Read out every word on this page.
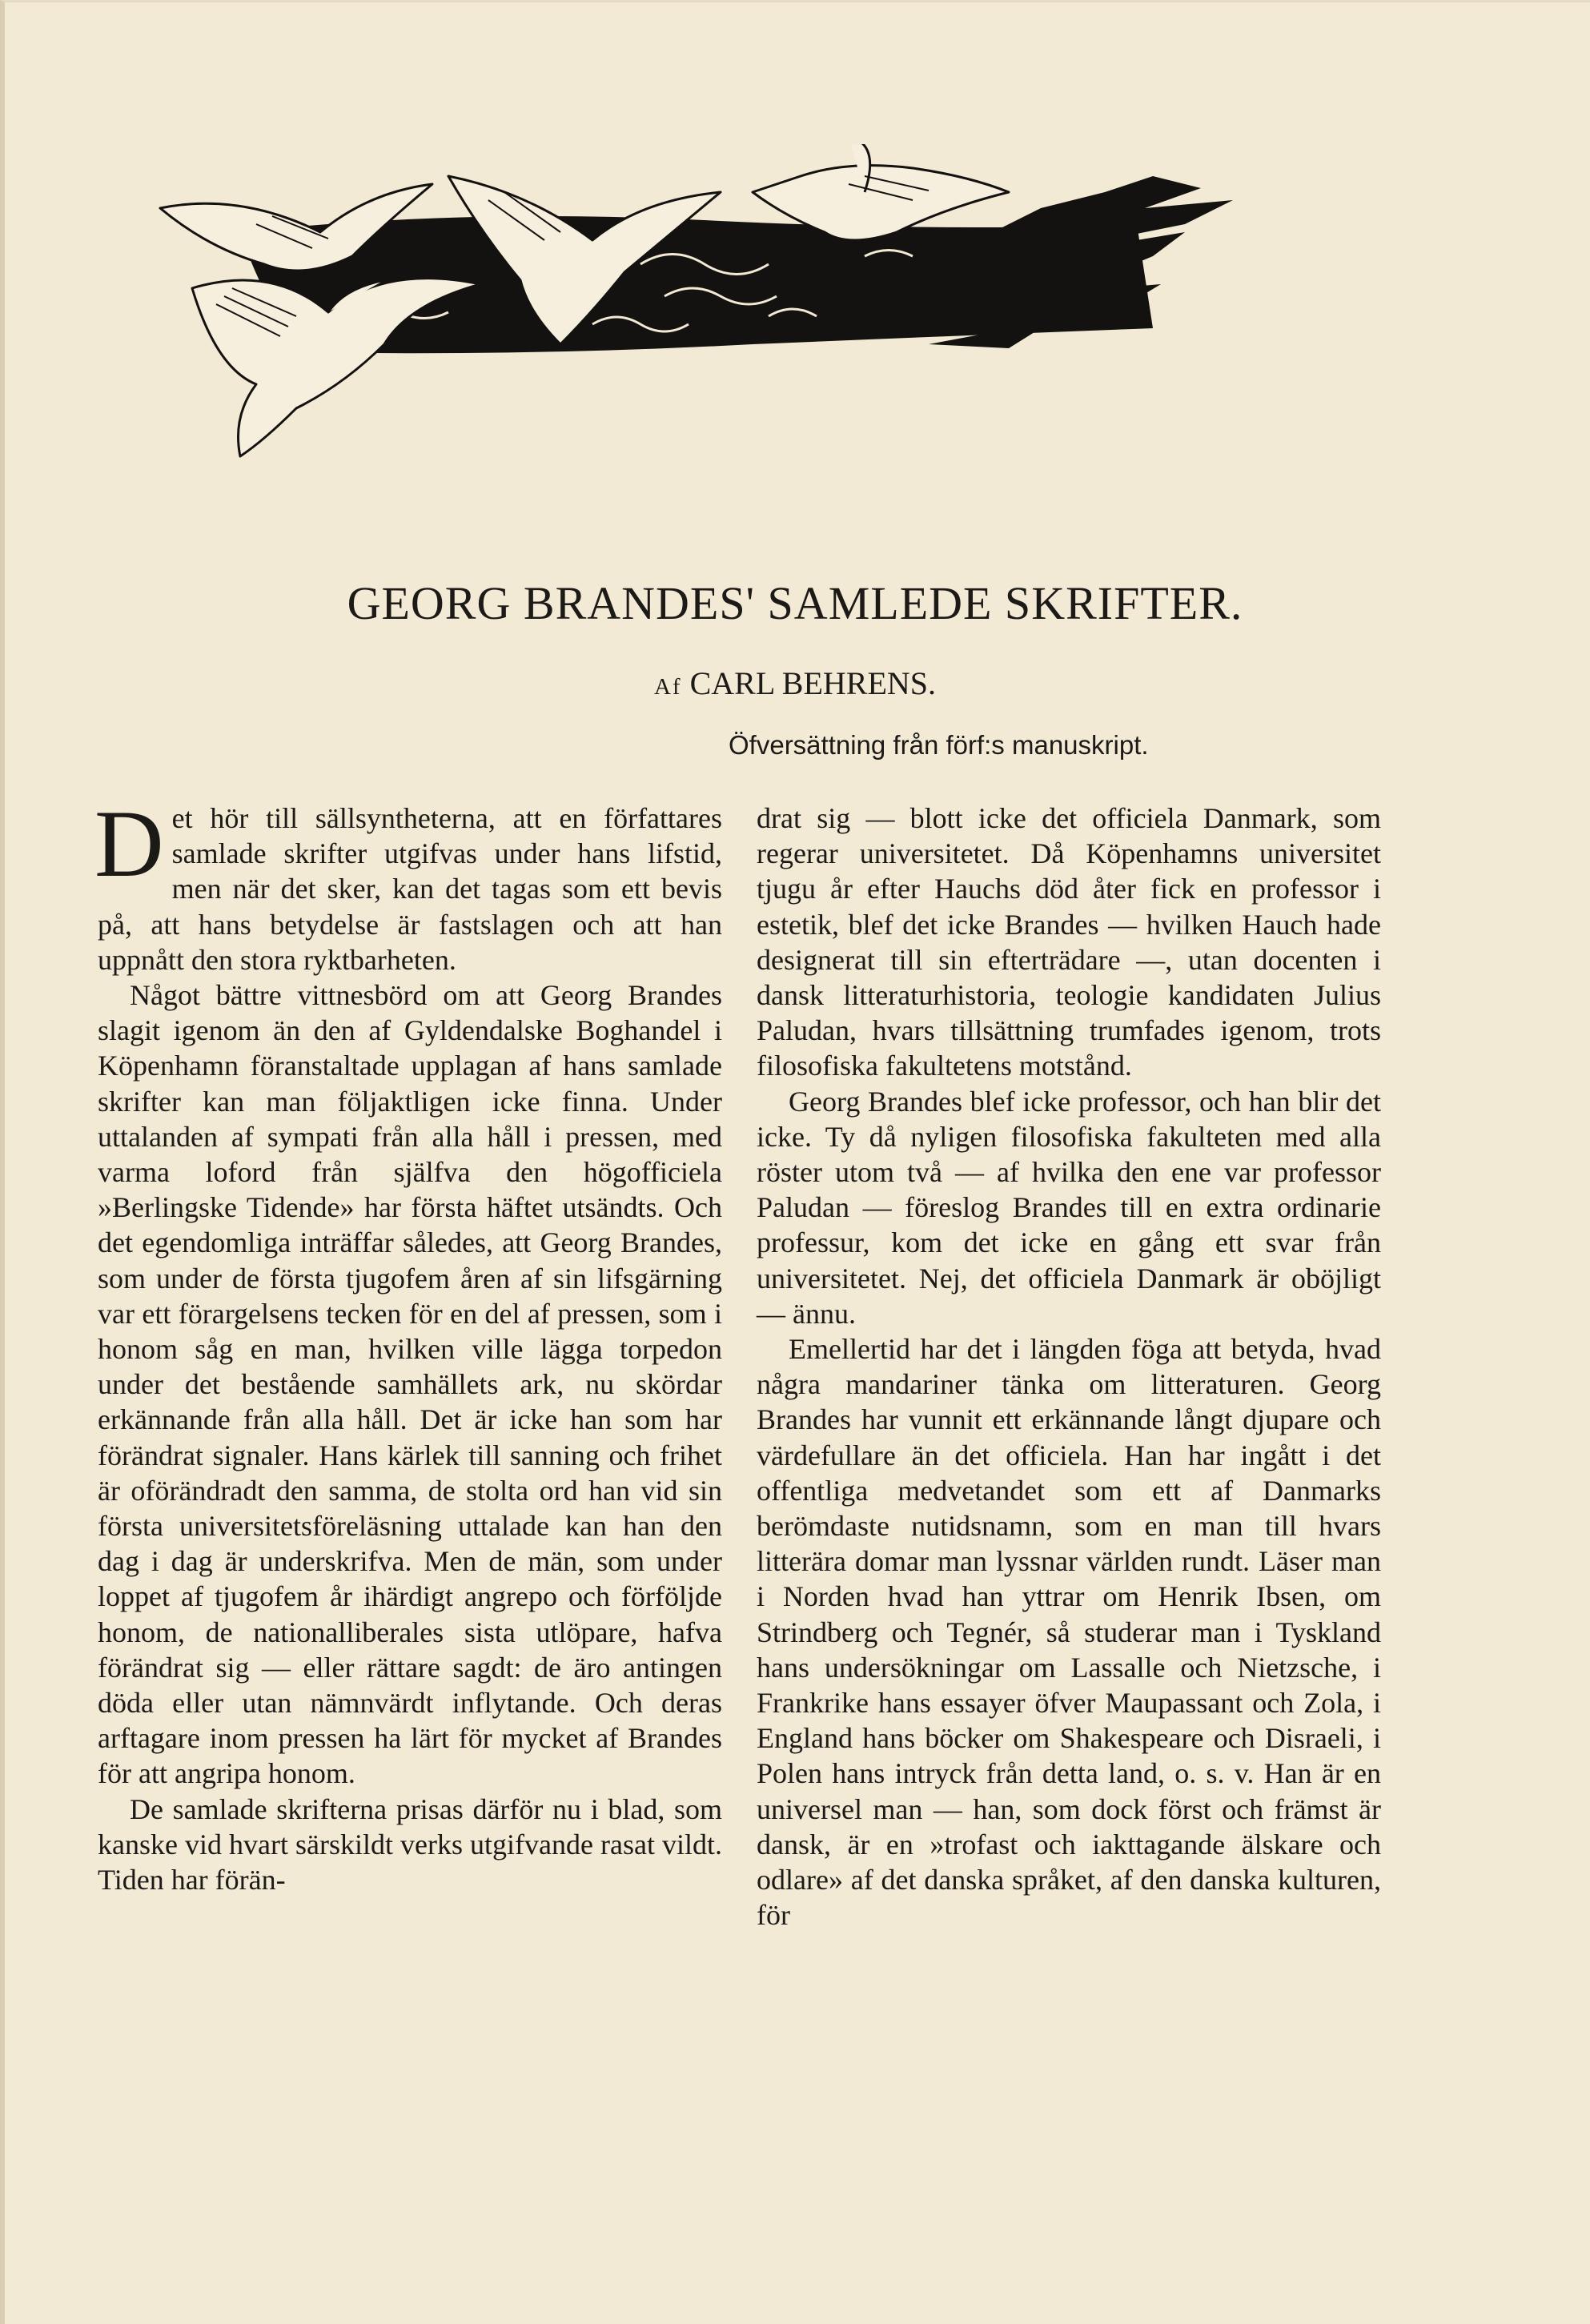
GEORG BRANDES' SAMLEDE SKRIFTER.
Af CARL BEHRENS.
Öfversättning från förf:s manuskript.

Det hör till sällsyntheterna, att en författares samlade skrifter utgifvas under hans lifstid, men när det sker, kan det tagas som ett bevis på, att hans betydelse är fastslagen och att han uppnått den stora ryktbarheten.

Något bättre vittnesbörd om att Georg Brandes slagit igenom än den af Gyldendalske Boghandel i Köpenhamn föranstaltade upplagan af hans samlade skrifter kan man följaktligen icke finna. Under uttalanden af sympati från alla håll i pressen, med varma loford från själfva den högofficiela »Berlingske Tidende» har första häftet utsändts. Och det egendomliga inträffar således, att Georg Brandes, som under de första tjugofem åren af sin lifsgärning var ett förargelsens tecken för en del af pressen, som i honom såg en man, hvilken ville lägga torpedon under det bestående samhällets ark, nu skördar erkännande från alla håll. Det är icke han som har förändrat signaler. Hans kärlek till sanning och frihet är oförändradt den samma, de stolta ord han vid sin första universitetsföreläsning uttalade kan han den dag i dag är underskrifva. Men de män, som under loppet af tjugofem år ihärdigt angrepo och förföljde honom, de nationalliberales sista utlöpare, hafva förändrat sig — eller rättare sagdt: de äro antingen döda eller utan nämnvärdt inflytande. Och deras arftagare inom pressen ha lärt för mycket af Brandes för att angripa honom.

De samlade skrifterna prisas därför nu i blad, som kanske vid hvart särskildt verks utgifvande rasat vildt. Tiden har förän-

drat sig — blott icke det officiela Danmark, som regerar universitetet. Då Köpenhamns universitet tjugu år efter Hauchs död åter fick en professor i estetik, blef det icke Brandes — hvilken Hauch hade designerat till sin efterträdare —, utan docenten i dansk litteraturhistoria, teologie kandidaten Julius Paludan, hvars tillsättning trumfades igenom, trots filosofiska fakultetens motstånd.

Georg Brandes blef icke professor, och han blir det icke. Ty då nyligen filosofiska fakulteten med alla röster utom två — af hvilka den ene var professor Paludan — föreslog Brandes till en extra ordinarie professur, kom det icke en gång ett svar från universitetet. Nej, det officiela Danmark är oböjligt — ännu.

Emellertid har det i längden föga att betyda, hvad några mandariner tänka om litteraturen. Georg Brandes har vunnit ett erkännande långt djupare och värdefullare än det officiela. Han har ingått i det offentliga medvetandet som ett af Danmarks berömdaste nutidsnamn, som en man till hvars litterära domar man lyssnar världen rundt. Läser man i Norden hvad han yttrar om Henrik Ibsen, om Strindberg och Tegnér, så studerar man i Tyskland hans undersökningar om Lassalle och Nietzsche, i Frankrike hans essayer öfver Maupassant och Zola, i England hans böcker om Shakespeare och Disraeli, i Polen hans intryck från detta land, o. s. v. Han är en universel man — han, som dock först och främst är dansk, är en »trofast och iakttagande älskare och odlare» af det danska språket, af den danska kulturen, för
